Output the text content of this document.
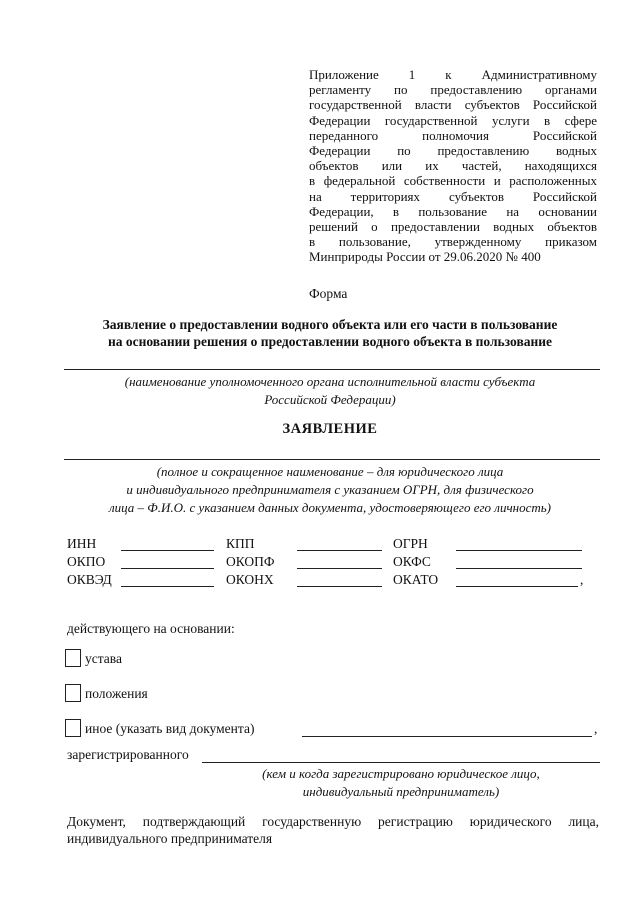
Приложение 1 к Административному
регламенту по предоставлению органами
государственной власти субъектов Российской
Федерации государственной услуги в сфере
переданного полномочия Российской
Федерации по предоставлению водных
объектов или их частей, находящихся
в федеральной собственности и расположенных
на территориях субъектов Российской
Федерации, в пользование на основании
решений о предоставлении водных объектов
в пользование, утвержденному приказом
Минприроды России от 29.06.2020 № 400
Форма
Заявление о предоставлении водного объекта или его части в пользование
на основании решения о предоставлении водного объекта в пользование
(наименование уполномоченного органа исполнительной власти субъекта
Российской Федерации)
ЗАЯВЛЕНИЕ
(полное и сокращенное наименование – для юридического лица
и индивидуального предпринимателя с указанием ОГРН, для физического
лица – Ф.И.О. с указанием данных документа, удостоверяющего его личность)
ИНН	КПП	ОГРН
ОКПО	ОКОПФ	ОКФС
ОКВЭД	ОКОНХ	ОКАТО	,
действующего на основании:
устава
положения
иное (указать вид документа)	,
зарегистрированного
(кем и когда зарегистрировано юридическое лицо,
индивидуальный предприниматель)
Документ, подтверждающий государственную регистрацию юридического лица,
индивидуального предпринимателя
